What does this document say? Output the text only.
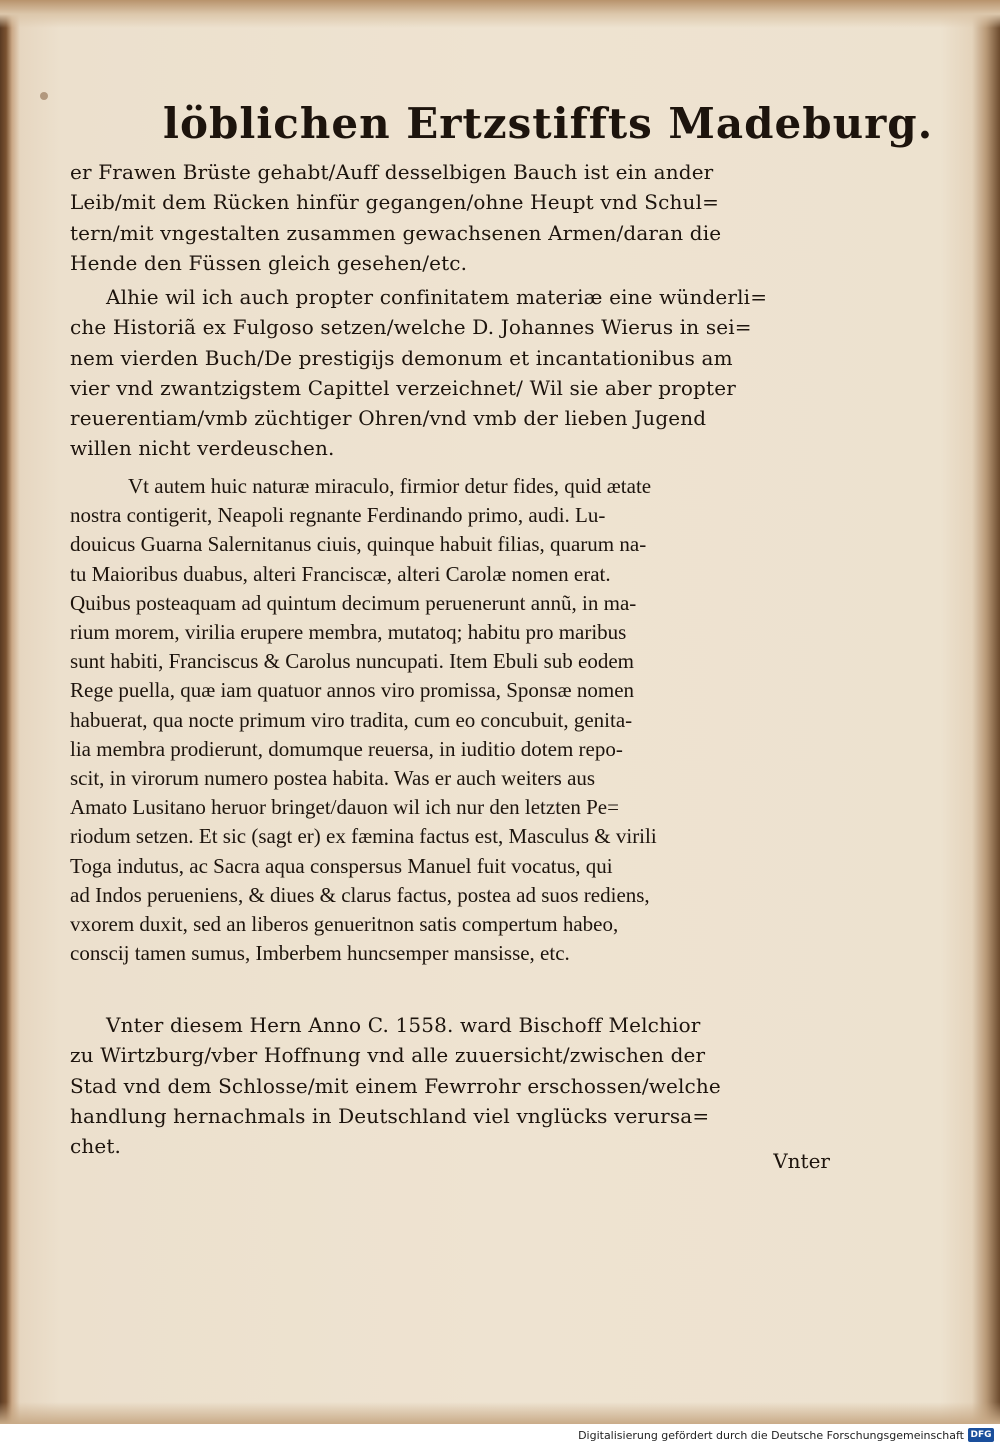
löblichen Ertzstiffts Madeburg.
er Frawen Brüste gehabt/Auff desselbigen Bauch ist ein ander
Leib/mit dem Rücken hinfür gegangen/ohne Heupt vnd Schul=
tern/mit vngestalten zusammen gewachsenen Armen/daran die
Hende den Füssen gleich gesehen/etc.
Alhie wil ich auch propter confinitatem materiæ eine wünderli=
che Historiã ex Fulgoso setzen/welche D. Johannes Wierus in sei=
nem vierden Buch/De prestigijs demonum et incantationibus am
vier vnd zwantzigstem Capittel verzeichnet/ Wil sie aber propter
reuerentiam/vmb züchtiger Ohren/vnd vmb der lieben Jugend
willen nicht verdeuschen.
Vt autem huic naturæ miraculo, firmior detur fides, quid ætate
nostra contigerit, Neapoli regnante Ferdinando primo, audi. Lu-
douicus Guarna Salernitanus ciuis, quinque habuit filias, quarum na-
tu Maioribus duabus, alteri Franciscæ, alteri Carolæ nomen erat.
Quibus posteaquam ad quintum decimum peruenerunt annũ, in ma-
rium morem, virilia erupere membra, mutatoq; habitu pro maribus
sunt habiti, Franciscus & Carolus nuncupati. Item Ebuli sub eodem
Rege puella, quæ iam quatuor annos viro promissa, Sponsæ nomen
habuerat, qua nocte primum viro tradita, cum eo concubuit, genita-
lia membra prodierunt, domumque reuersa, in iuditio dotem repo-
scit, in virorum numero postea habita. Was er auch weiters aus
Amato Lusitano heruor bringet/dauon wil ich nur den letzten Pe=
riodum setzen. Et sic (sagt er) ex fæmina factus est, Masculus & virili
Toga indutus, ac Sacra aqua conspersus Manuel fuit vocatus, qui
ad Indos perueniens, & diues & clarus factus, postea ad suos rediens,
vxorem duxit, sed an liberos genueritnon satis compertum habeo,
conscij tamen sumus, Imberbem huncsemper mansisse, etc.
Vnter diesem Hern Anno C. 1558. ward Bischoff Melchior
zu Wirtzburg/vber Hoffnung vnd alle zuuersicht/zwischen der
Stad vnd dem Schlosse/mit einem Fewrrohr erschossen/welche
handlung hernachmals in Deutschland viel vnglücks verursa=
chet.
Vnter
Digitalisierung gefördert durch die Deutsche Forschungsgemeinschaft DFG
